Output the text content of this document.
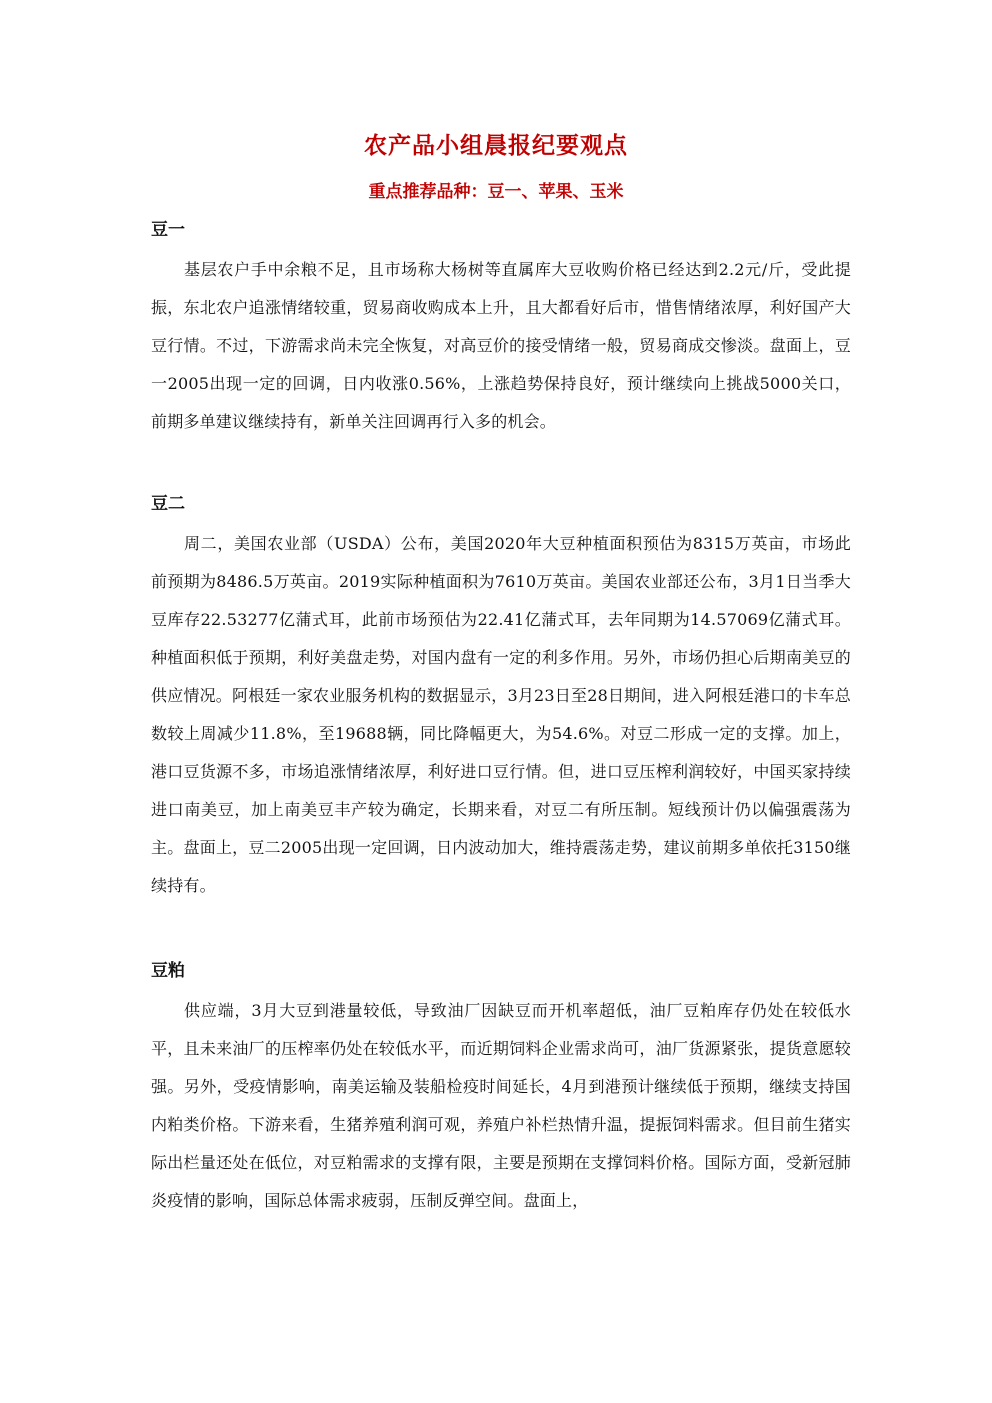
农产品小组晨报纪要观点
重点推荐品种：豆一、苹果、玉米

豆一

基层农户手中余粮不足，且市场称大杨树等直属库大豆收购价格已经达到2.2元/斤，受此提振，东北农户追涨情绪较重，贸易商收购成本上升，且大都看好后市，惜售情绪浓厚，利好国产大豆行情。不过，下游需求尚未完全恢复，对高豆价的接受情绪一般，贸易商成交惨淡。盘面上，豆一2005出现一定的回调，日内收涨0.56%，上涨趋势保持良好，预计继续向上挑战5000关口，前期多单建议继续持有，新单关注回调再行入多的机会。

豆二

周二，美国农业部（USDA）公布，美国2020年大豆种植面积预估为8315万英亩，市场此前预期为8486.5万英亩。2019实际种植面积为7610万英亩。美国农业部还公布，3月1日当季大豆库存22.53277亿蒲式耳，此前市场预估为22.41亿蒲式耳，去年同期为14.57069亿蒲式耳。种植面积低于预期，利好美盘走势，对国内盘有一定的利多作用。另外，市场仍担心后期南美豆的供应情况。阿根廷一家农业服务机构的数据显示，3月23日至28日期间，进入阿根廷港口的卡车总数较上周减少11.8%，至19688辆，同比降幅更大，为54.6%。对豆二形成一定的支撑。加上，港口豆货源不多，市场追涨情绪浓厚，利好进口豆行情。但，进口豆压榨利润较好，中国买家持续进口南美豆，加上南美豆丰产较为确定，长期来看，对豆二有所压制。短线预计仍以偏强震荡为主。盘面上，豆二2005出现一定回调，日内波动加大，维持震荡走势，建议前期多单依托3150继续持有。

豆粕

供应端，3月大豆到港量较低，导致油厂因缺豆而开机率超低，油厂豆粕库存仍处在较低水平，且未来油厂的压榨率仍处在较低水平，而近期饲料企业需求尚可，油厂货源紧张，提货意愿较强。另外，受疫情影响，南美运输及装船检疫时间延长，4月到港预计继续低于预期，继续支持国内粕类价格。下游来看，生猪养殖利润可观，养殖户补栏热情升温，提振饲料需求。但目前生猪实际出栏量还处在低位，对豆粕需求的支撑有限，主要是预期在支撑饲料价格。国际方面，受新冠肺炎疫情的影响，国际总体需求疲弱，压制反弹空间。盘面上，
